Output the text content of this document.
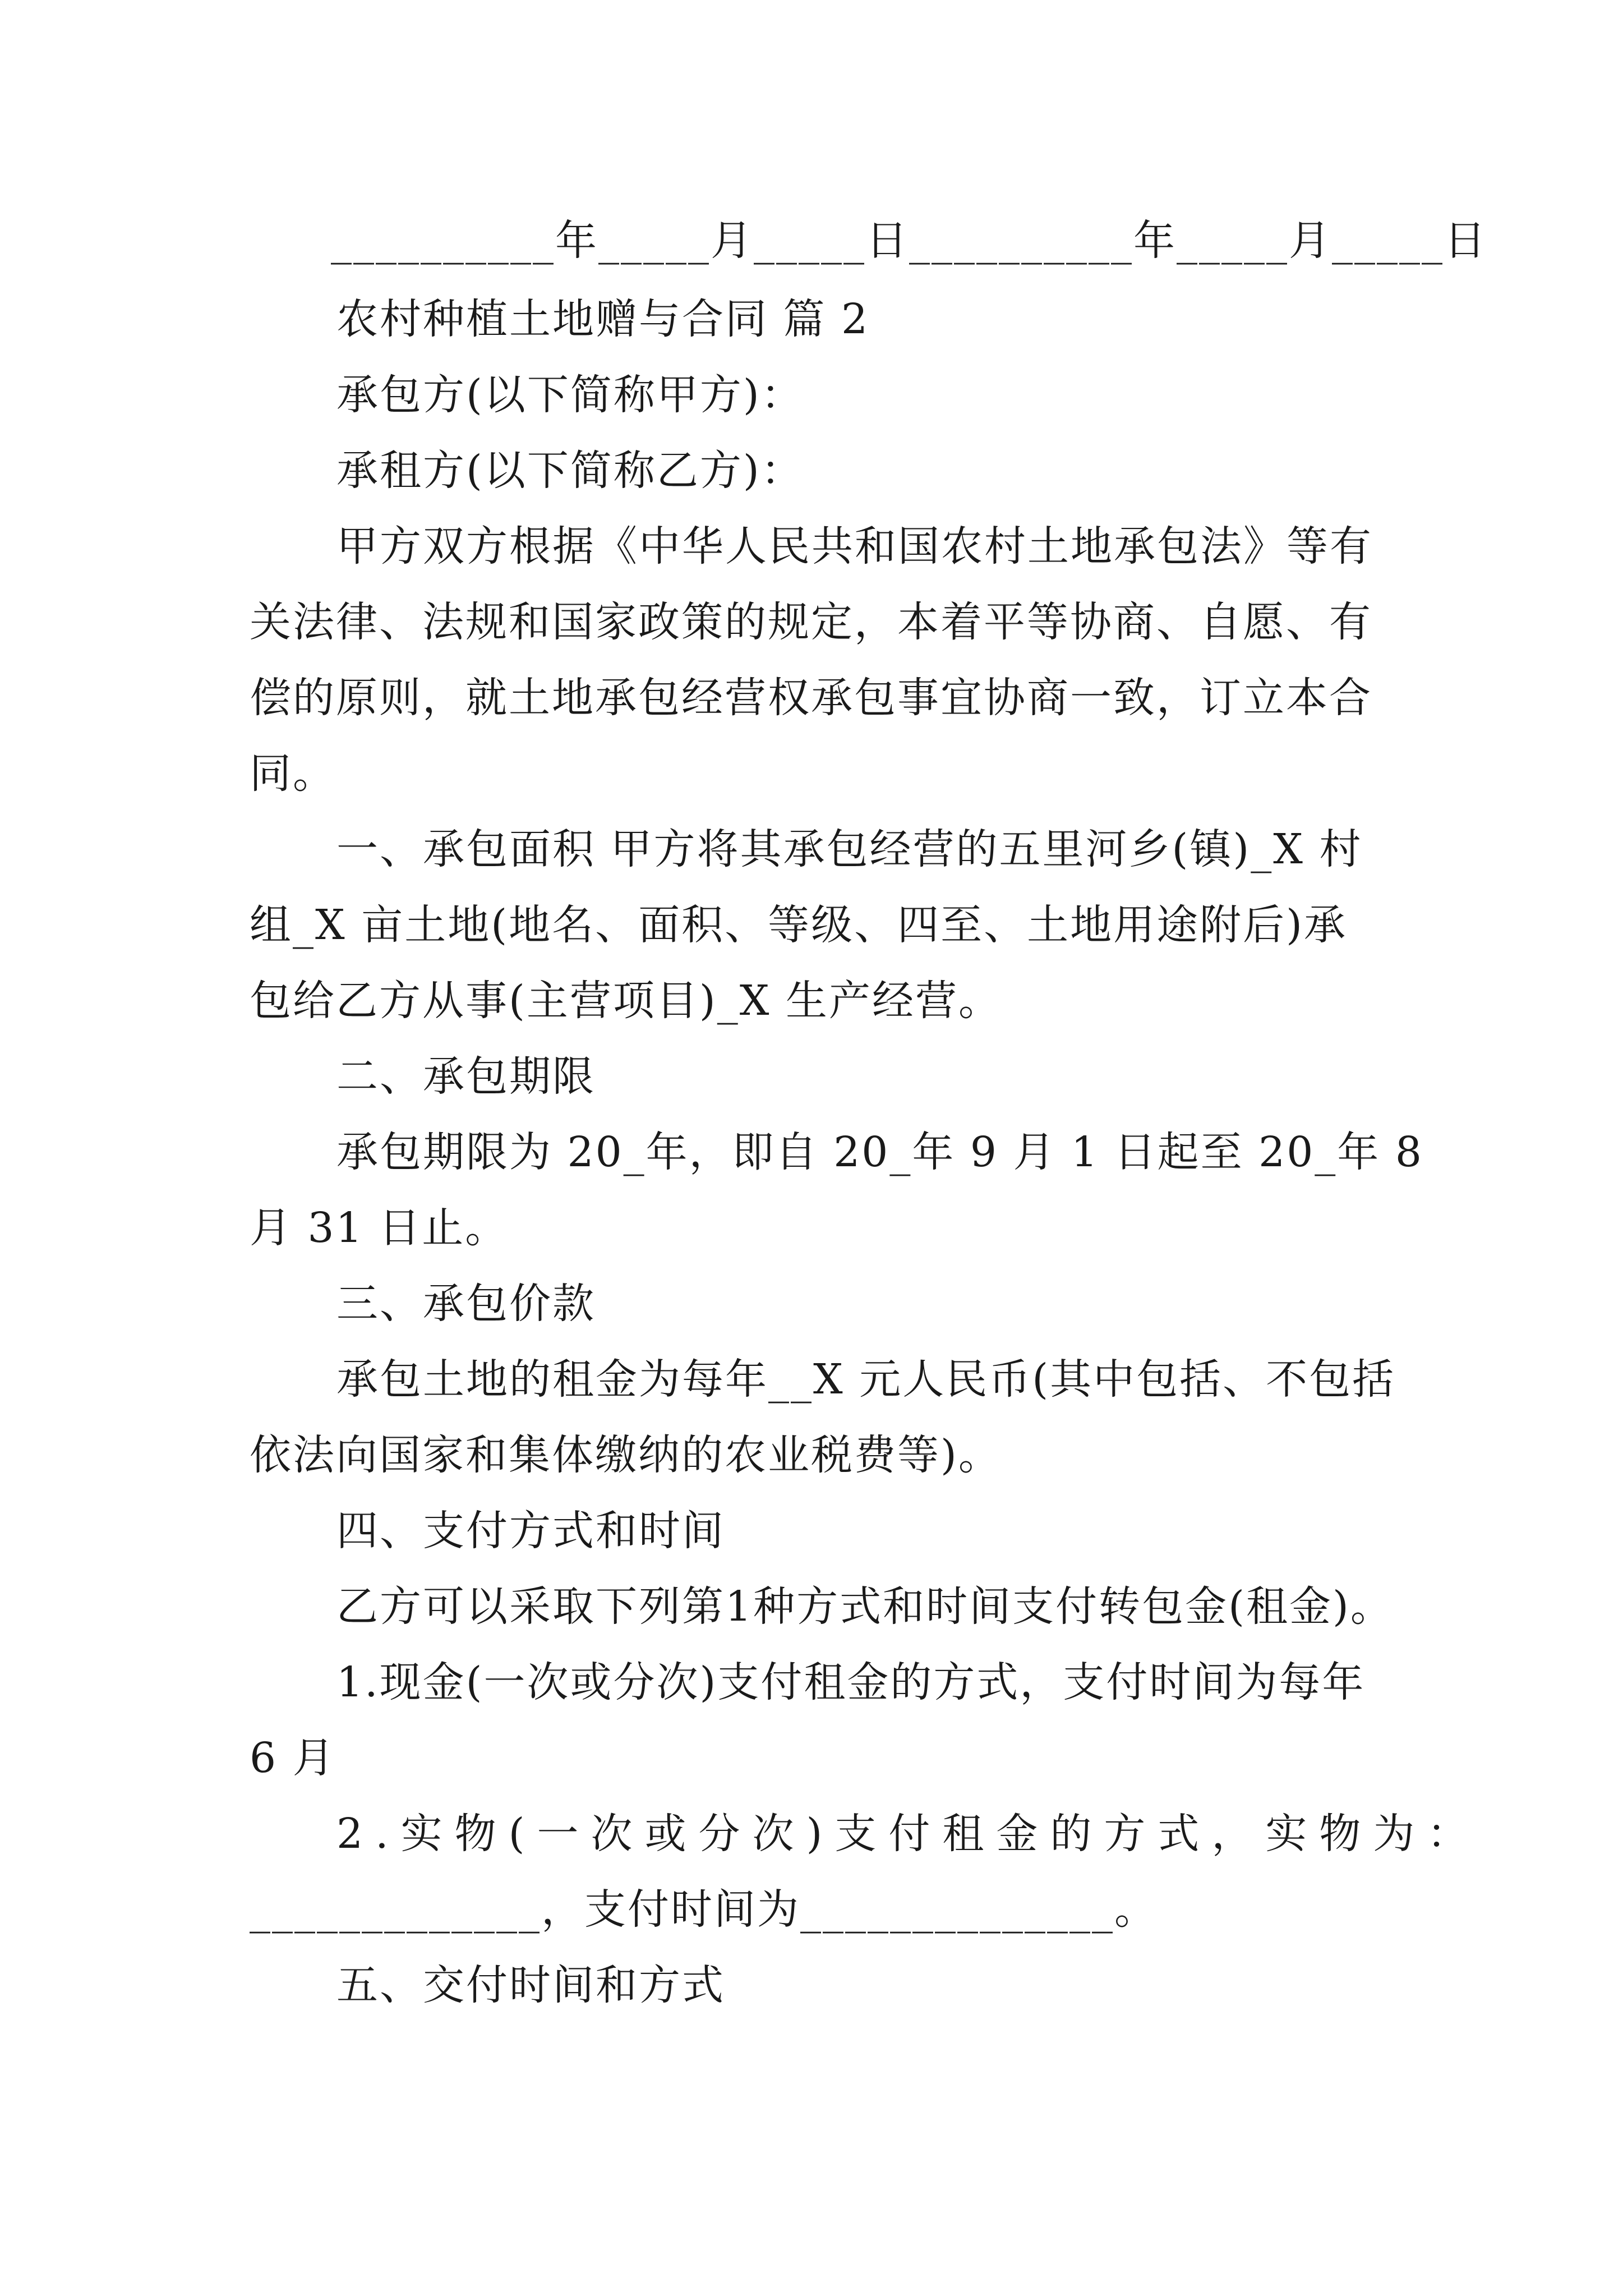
__________年_____月_____日__________年_____月_____日

农村种植土地赠与合同 篇 2

承包方(以下简称甲方)：

承租方(以下简称乙方)：

甲方双方根据《中华人民共和国农村土地承包法》等有

关法律、法规和国家政策的规定，本着平等协商、自愿、有

偿的原则，就土地承包经营权承包事宜协商一致，订立本合

同。

一、承包面积 甲方将其承包经营的五里河乡(镇)_X 村

组_X 亩土地(地名、面积、等级、四至、土地用途附后)承

包给乙方从事(主营项目)_X 生产经营。

二、承包期限

承包期限为 20_年，即自 20_年 9 月 1 日起至 20_年 8

月 31 日止。

三、承包价款

承包土地的租金为每年__X 元人民币(其中包括、不包括

依法向国家和集体缴纳的农业税费等)。

四、支付方式和时间

乙方可以采取下列第1种方式和时间支付转包金(租金)。

1.现金(一次或分次)支付租金的方式，支付时间为每年

6 月

2.实物(一次或分次)支付租金的方式，实物为：

_____________，支付时间为______________。

五、交付时间和方式
